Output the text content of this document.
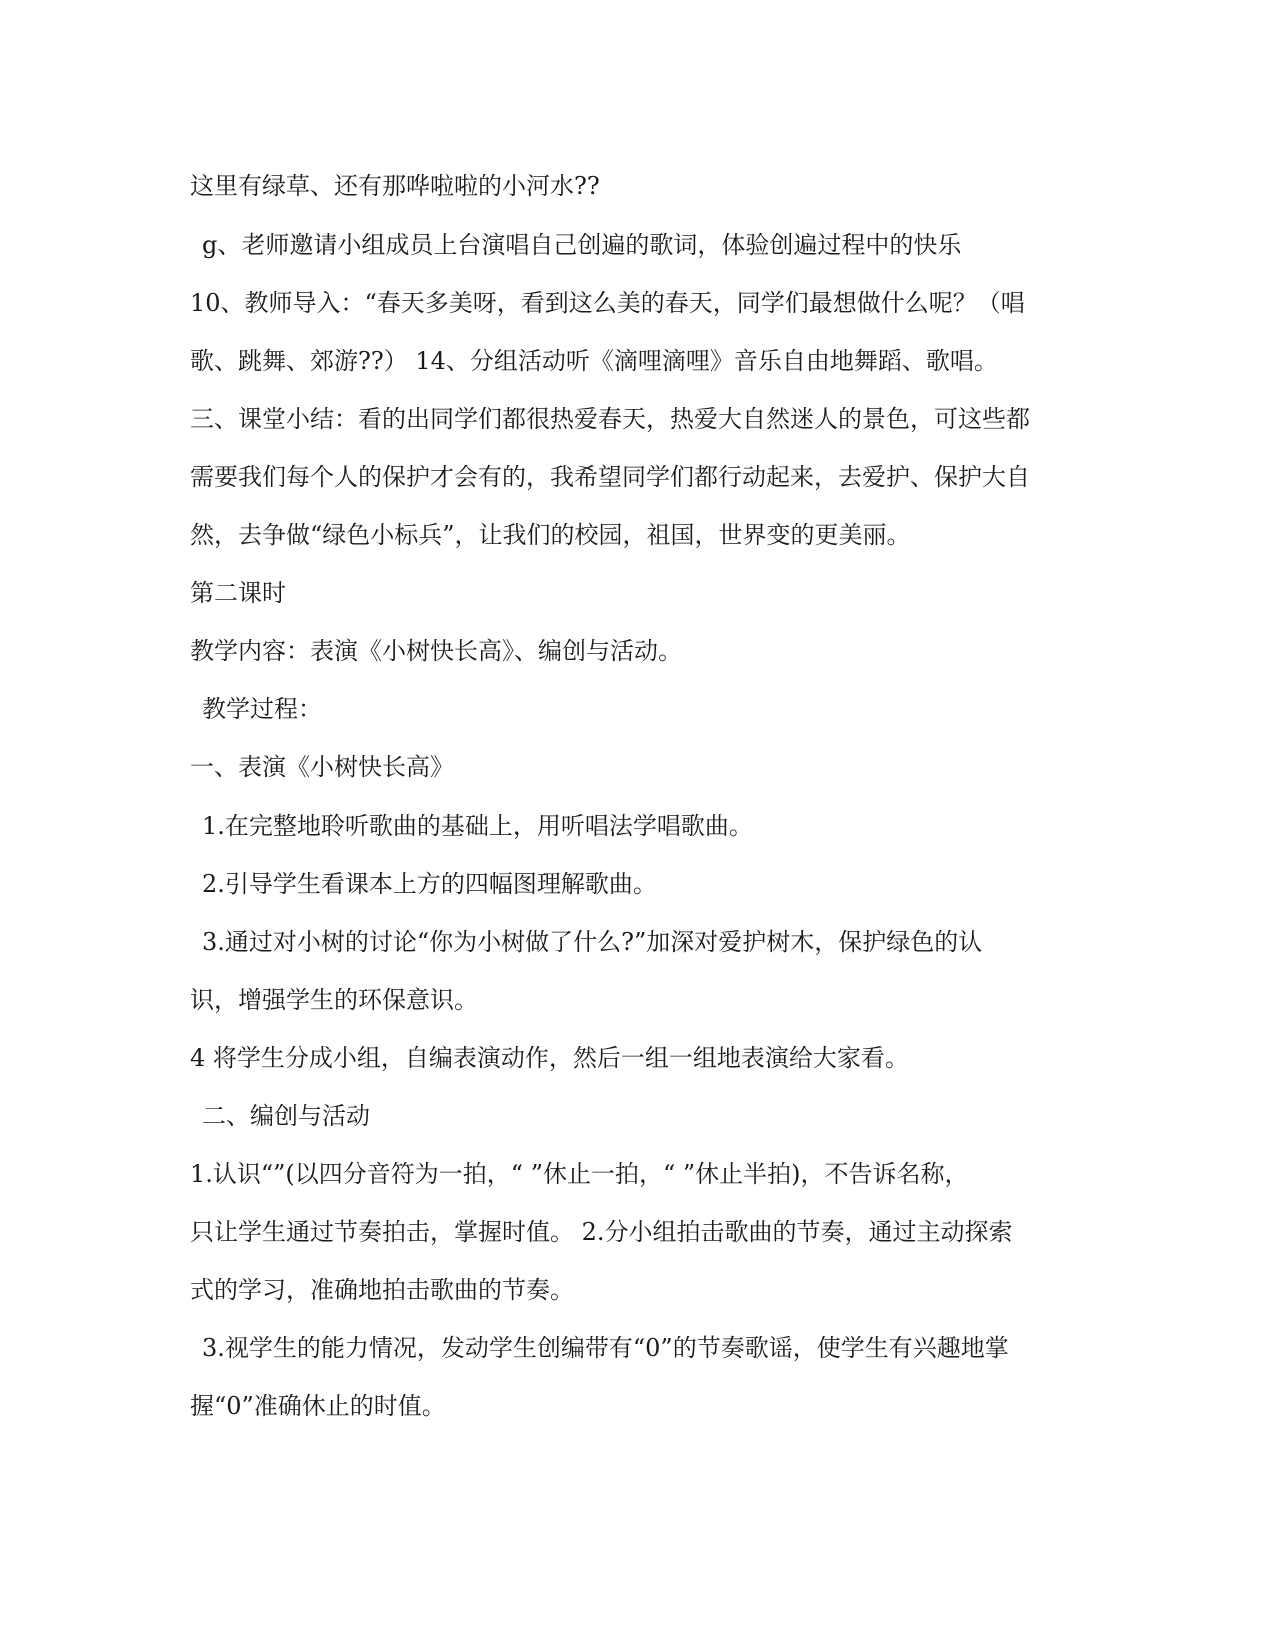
这里有绿草、还有那哗啦啦的小河水??
g、老师邀请小组成员上台演唱自己创遍的歌词，体验创遍过程中的快乐
10、教师导入：“春天多美呀，看到这么美的春天，同学们最想做什么呢？（唱
歌、跳舞、郊游??） 14、分组活动听《滴哩滴哩》音乐自由地舞蹈、歌唱。
三、课堂小结：看的出同学们都很热爱春天，热爱大自然迷人的景色，可这些都
需要我们每个人的保护才会有的，我希望同学们都行动起来，去爱护、保护大自
然，去争做“绿色小标兵”，让我们的校园，祖国，世界变的更美丽。
第二课时
教学内容：表演《小树快长高》、编创与活动。
教学过程：
一、表演《小树快长高》
1.在完整地聆听歌曲的基础上，用听唱法学唱歌曲。
2.引导学生看课本上方的四幅图理解歌曲。
3.通过对小树的讨论“你为小树做了什么?”加深对爱护树木，保护绿色的认
识，增强学生的环保意识。
4 将学生分成小组，自编表演动作，然后一组一组地表演给大家看。
二、编创与活动
1.认识“”(以四分音符为一拍，“ ”休止一拍，“ ”休止半拍)，不告诉名称，
只让学生通过节奏拍击，掌握时值。 2.分小组拍击歌曲的节奏，通过主动探索
式的学习，准确地拍击歌曲的节奏。
3.视学生的能力情况，发动学生创编带有“0”的节奏歌谣，使学生有兴趣地掌
握“0”准确休止的时值。
